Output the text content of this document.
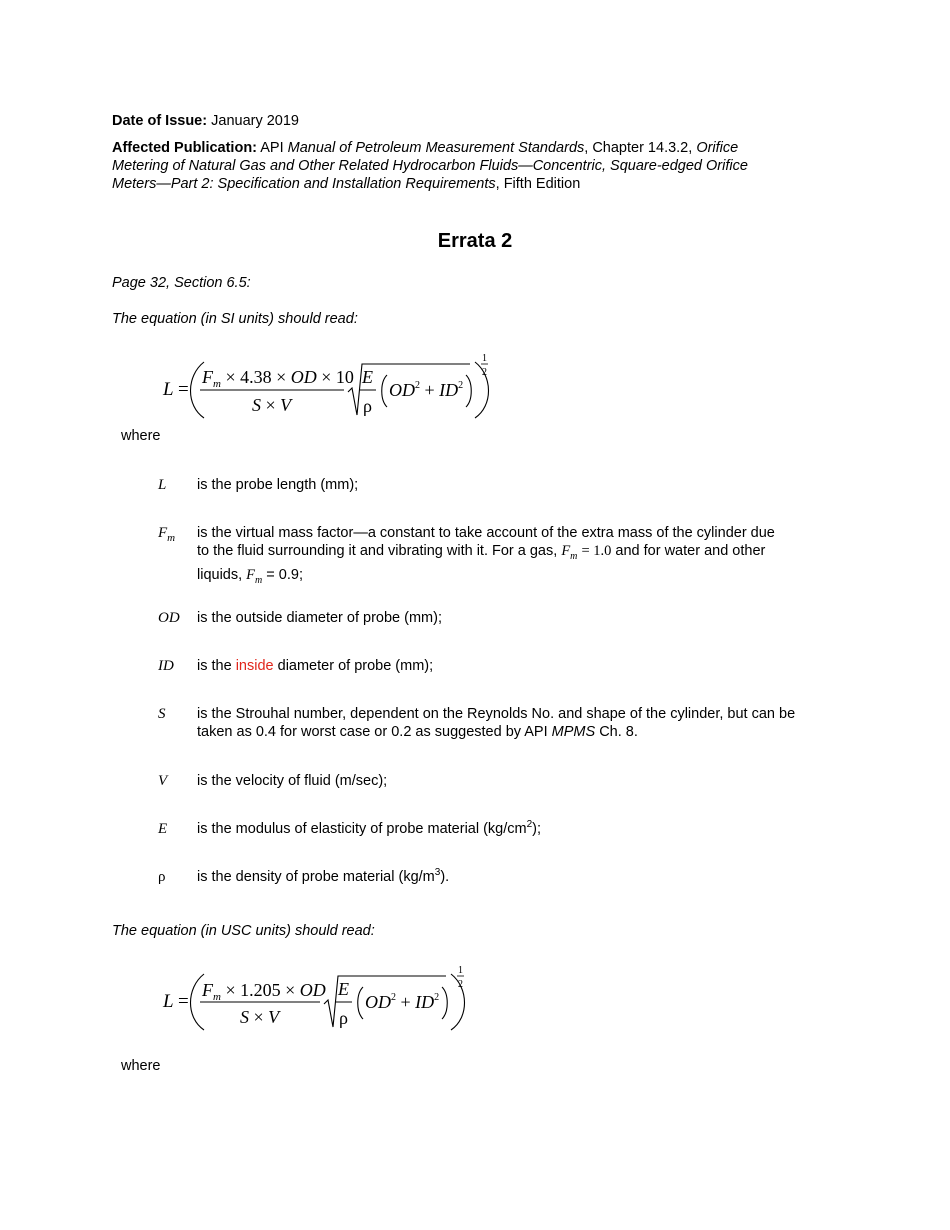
Date of Issue: January 2019
Affected Publication: API Manual of Petroleum Measurement Standards, Chapter 14.3.2, Orifice
Metering of Natural Gas and Other Related Hydrocarbon Fluids—Concentric, Square-edged Orifice
Meters—Part 2: Specification and Installation Requirements, Fifth Edition
Errata 2
Page 32, Section 6.5:
The equation (in SI units) should read:
L =
$F_m \times 4.38$ × OD × 10
S × V
E
ρ
$OD^2 + ID^2$
1
2
where
L is the probe length (mm);
$F_m$ is the virtual mass factor—a constant to take account of the extra mass of the cylinder due
to the fluid surrounding it and vibrating with it. For a gas, $F_m = 1.0$ and for water and other
liquids, $F_m = 0.9$;
OD is the outside diameter of probe (mm);
ID is the inside diameter of probe (mm);
S is the Strouhal number, dependent on the Reynolds No. and shape of the cylinder, but can be
taken as 0.4 for worst case or 0.2 as suggested by API MPMS Ch. 8.
V is the velocity of fluid (m/sec);
E is the modulus of elasticity of probe material $(kg/cm^2)$;
ρ is the density of probe material $(kg/m^3)$.
The equation (in USC units) should read:
L =
$F_m \times 1.205$ × OD
S × V
E
ρ
$OD^2 + ID^2$
1
2
where
